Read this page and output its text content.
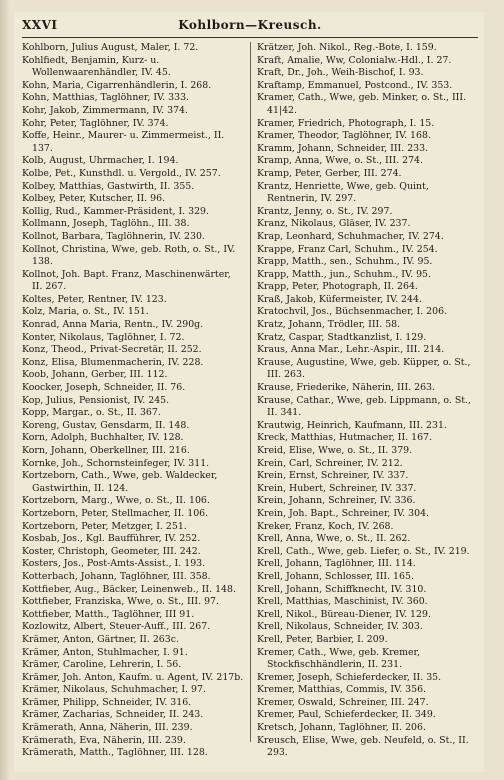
XXVI	Kohlborn—Kreusch.
Kohlborn, Julius August, Maler, I. 72.
Kohlfiedt, Benjamin, Kurz- u. Wollenwaarenhändler, IV. 45.
Kohn, Maria, Cigarrenhändlerin, I. 268.
Kohn, Matthias, Taglöhner, IV. 333.
Kohr, Jakob, Zimmermann, IV. 374.
Kohr, Peter, Taglöhner, IV. 374.
Koffe, Heinr., Maurer- u. Zimmermeist., II. 137.
Kolb, August, Uhrmacher, I. 194.
Kolbe, Pet., Kunsthdl. u. Vergold., IV. 257.
Kolbey, Matthias, Gastwirth, II. 355.
Kolbey, Peter, Kutscher, II. 96.
Kollig, Rud., Kammer-Präsident, I. 329.
Kollmann, Joseph, Taglöhn., III. 38.
Kollnot, Barbara, Taglöhnerin, IV. 230.
Kollnot, Christina, Wwe, geb. Roth, o. St., IV. 138.
Kollnot, Joh. Bapt. Franz, Maschinenwärter, II. 267.
Koltes, Peter, Rentner, IV. 123.
Kolz, Maria, o. St., IV. 151.
Konrad, Anna Maria, Rentn., IV. 290g.
Konter, Nikolaus, Taglöhner, I. 72.
Konz, Theod., Privat-Secretär, II. 252.
Konz, Elisa, Blumenmacherin, IV. 228.
Koob, Johann, Gerber, III. 112.
Koocker, Joseph, Schneider, II. 76.
Kop, Julius, Pensionist, IV. 245.
Kopp, Margar., o. St., II. 367.
Koreng, Gustav, Gensdarm, II. 148.
Korn, Adolph, Buchhalter, IV. 128.
Korn, Johann, Oberkellner, III. 216.
Kornke, Joh., Schornsteinfeger, IV. 311.
Kortzeborn, Cath., Wwe, geb. Waldecker, Gastwirthin, II. 124.
Kortzeborn, Marg., Wwe, o. St., II. 106.
Kortzeborn, Peter, Stellmacher, II. 106.
Kortzeborn, Peter, Metzger, I. 251.
Kosbab, Jos., Kgl. Baufführer, IV. 252.
Koster, Christoph, Geometer, III. 242.
Kosters, Jos., Post-Amts-Assist., I. 193.
Kotterbach, Johann, Taglöhner, III. 358.
Kottfieber, Aug., Bäcker, Leinenweb., II. 148.
Kottfieber, Franziska, Wwe, o. St., III. 97.
Kottfieber, Matth., Taglöhner, III 91.
Kozlowitz, Albert, Steuer-Auff., III. 267.
Krämer, Anton, Gärtner, II. 263c.
Krämer, Anton, Stuhlmacher, I. 91.
Krämer, Caroline, Lehrerin, I. 56.
Krämer, Joh. Anton, Kaufm. u. Agent, IV. 217b.
Krämer, Nikolaus, Schuhmacher, I. 97.
Krämer, Philipp, Schneider, IV. 316.
Krämer, Zacharias, Schneider, II. 243.
Krämerath, Anna, Näherin, III. 239.
Krämerath, Eva, Näherin, III. 239.
Krämerath, Matth., Taglöhner, III. 128.
Krätzer, Joh. Nikol., Reg.-Bote, I. 159.
Kraft, Amalie, Ww, Colonialw.-Hdl., I. 27.
Kraft, Dr., Joh., Weih-Bischof, I. 93.
Kraftamp, Emmanuel, Postcond., IV. 353.
Kramer, Cath., Wwe, geb. Minker, o. St., III. 41|42.
Kramer, Friedrich, Photograph, I. 15.
Kramer, Theodor, Taglöhner, IV. 168.
Kramm, Johann, Schneider, III. 233.
Kramp, Anna, Wwe, o. St., III. 274.
Kramp, Peter, Gerber, III. 274.
Krantz, Henriette, Wwe, geb. Quint, Rentnerin, IV. 297.
Krantz, Jenny, o. St., IV. 297.
Kranz, Nikolaus, Gläser, IV. 237.
Krap, Leonhard, Schuhmacher, IV. 274.
Krappe, Franz Carl, Schuhm., IV. 254.
Krapp, Matth., sen., Schuhm., IV. 95.
Krapp, Matth., jun., Schuhm., IV. 95.
Krapp, Peter, Photograph, II. 264.
Kraß, Jakob, Küfermeister, IV. 244.
Kratochvil, Jos., Büchsenmacher, I. 206.
Kratz, Johann, Trödler, III. 58.
Kratz, Caspar, Stadtkanzlist, I. 129.
Kraus, Anna Mar., Lehr.-Aspir., III. 214.
Krause, Augustine, Wwe, geb. Küpper, o. St., III. 263.
Krause, Friederike, Näherin, III. 263.
Krause, Cathar., Wwe, geb. Lippmann, o. St., II. 341.
Krautwig, Heinrich, Kaufmann, III. 231.
Kreck, Matthias, Hutmacher, II. 167.
Kreid, Elise, Wwe, o. St., II. 379.
Krein, Carl, Schreiner, IV. 212.
Krein, Ernst, Schreiner, IV. 337.
Krein, Hubert, Schreiner, IV. 337.
Krein, Johann, Schreiner, IV. 336.
Krein, Joh. Bapt., Schreiner, IV. 304.
Kreker, Franz, Koch, IV. 268.
Krell, Anna, Wwe, o. St., II. 262.
Krell, Cath., Wwe, geb. Liefer, o. St., IV. 219.
Krell, Johann, Taglöhner, III. 114.
Krell, Johann, Schlosser, III. 165.
Krell, Johann, Schiffknecht, IV. 310.
Krell, Matthias, Maschinist, IV. 360.
Krell, Nikol., Büreau-Diener, IV. 129.
Krell, Nikolaus, Schneider, IV. 303.
Krell, Peter, Barbier, I. 209.
Kremer, Cath., Wwe, geb. Kremer, Stockfischhändlerin, II. 231.
Kremer, Joseph, Schieferdecker, II. 35.
Kremer, Matthias, Commis, IV. 356.
Kremer, Oswald, Schreiner, III. 247.
Kremer, Paul, Schieferdecker, II. 349.
Kretsch, Johann, Taglöhner, II. 206.
Kreusch, Elise, Wwe, geb. Neufeld, o. St., II. 293.
